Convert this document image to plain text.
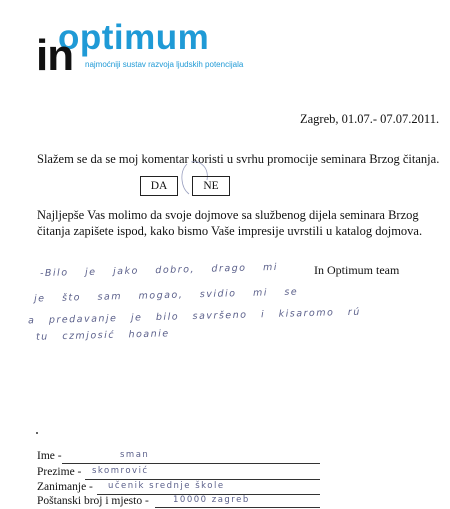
optimum
in najmoćniji sustav razvoja ljudskih potencijala
Zagreb, 01.07.- 07.07.2011.
Slažem se da se moj komentar koristi u svrhu promocije seminara Brzog čitanja.
DA	NE
Najljepše Vas molimo da svoje dojmove sa službenog dijela seminara Brzog čitanja zapišete ispod, kako bismo Vaše impresije uvrstili u katalog dojmova.
In Optimum team
-Bilo je jako dobro, drago mi
je što sam mogao, svidio mi se
a predavanje je bilo savršeno i kisaromo rú
tu czmjosić hoanie
Ime -	sman
Prezime - skomrović
Zanimanje - učenik srednje škole
Poštanski broj i mjesto -	10000 zagreb
